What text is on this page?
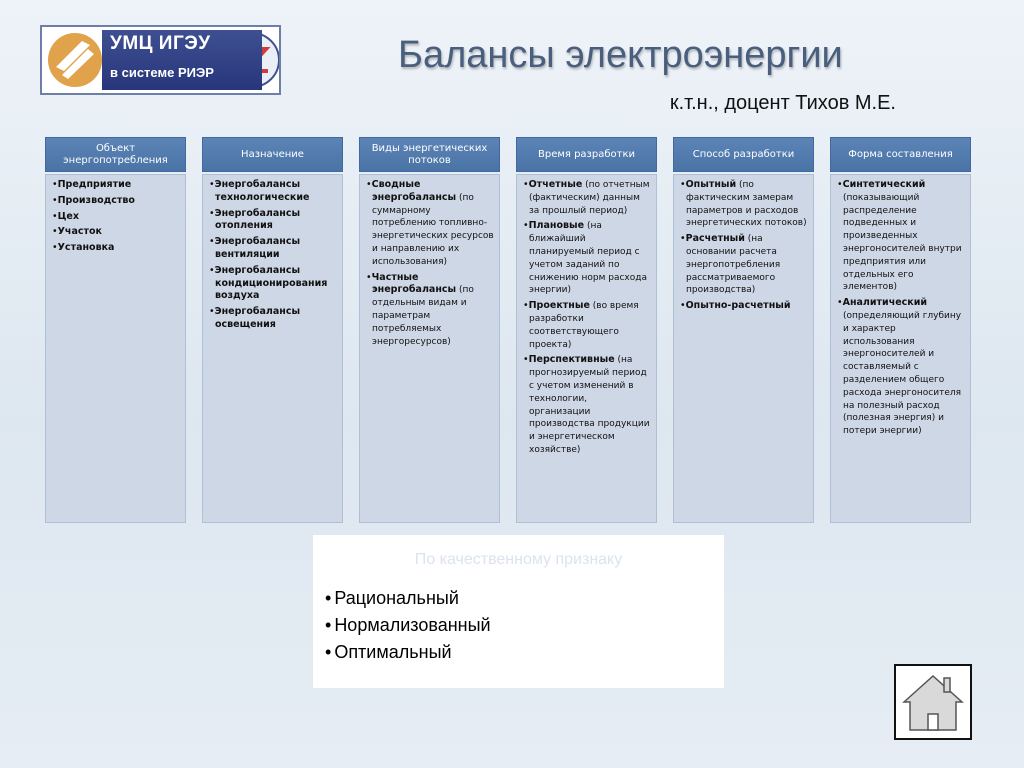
УМЦ ИГЭУ
в системе РИЭР	Балансы электроэнергии
к.т.н., доцент Тихов М.Е.
Объект энергопотребления
•Предприятие
•Производство
•Цех
•Участок
•Установка
Назначение
•Энергобалансы технологические
•Энергобалансы отопления
•Энергобалансы вентиляции
•Энергобалансы кондиционирования воздуха
•Энергобалансы освещения
Виды энергетических потоков
•Сводные энергобалансы (по суммарному потреблению топливно-энергетических ресурсов и направлению их использования)
•Частные энергобалансы (по отдельным видам и параметрам потребляемых энергоресурсов)
Время разработки
•Отчетные (по отчетным (фактическим) данным за прошлый период)
•Плановые (на ближайший планируемый период с учетом заданий по снижению норм расхода энергии)
•Проектные (во время разработки соответствующего проекта)
•Перспективные (на прогнозируемый период с учетом изменений в технологии, организации производства продукции и энергетическом хозяйстве)
Способ разработки
•Опытный (по фактическим замерам параметров и расходов энергетических потоков)
•Расчетный (на основании расчета энергопотребления рассматриваемого производства)
•Опытно-расчетный
Форма составления
•Синтетический (показывающий распределение подведенных и произведенных энергоносителей внутри предприятия или отдельных его элементов)
•Аналитический (определяющий глубину и характер использования энергоносителей и составляемый с разделением общего расхода энергоносителя на полезный расход (полезная энергия) и потери энергии)
По качественному признаку
• Рациональный
• Нормализованный
• Оптимальный
